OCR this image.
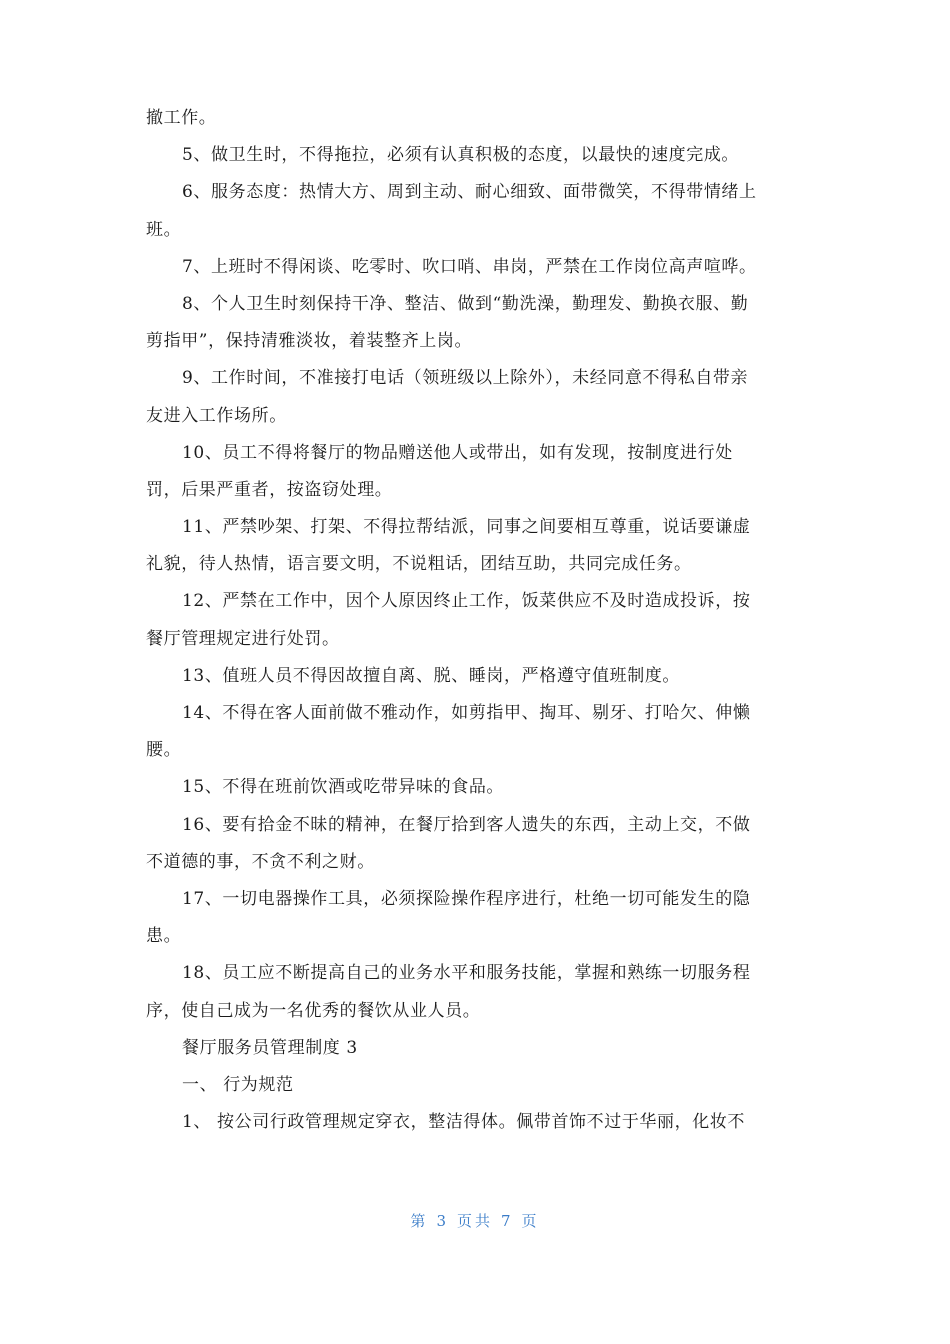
撤工作。

5、做卫生时，不得拖拉，必须有认真积极的态度，以最快的速度完成。

6、服务态度：热情大方、周到主动、耐心细致、面带微笑，不得带情绪上

班。

7、上班时不得闲谈、吃零时、吹口哨、串岗，严禁在工作岗位高声喧哗。

8、个人卫生时刻保持干净、整洁、做到“勤洗澡，勤理发、勤换衣服、勤

剪指甲”，保持清雅淡妆，着装整齐上岗。

9、工作时间，不准接打电话（领班级以上除外），未经同意不得私自带亲

友进入工作场所。

10、员工不得将餐厅的物品赠送他人或带出，如有发现，按制度进行处

罚，后果严重者，按盗窃处理。

11、严禁吵架、打架、不得拉帮结派，同事之间要相互尊重，说话要谦虚

礼貌，待人热情，语言要文明，不说粗话，团结互助，共同完成任务。

12、严禁在工作中，因个人原因终止工作，饭菜供应不及时造成投诉，按

餐厅管理规定进行处罚。

13、值班人员不得因故擅自离、脱、睡岗，严格遵守值班制度。

14、不得在客人面前做不雅动作，如剪指甲、掏耳、剔牙、打哈欠、伸懒

腰。

15、不得在班前饮酒或吃带异味的食品。

16、要有拾金不昧的精神，在餐厅拾到客人遗失的东西，主动上交，不做

不道德的事，不贪不利之财。

17、一切电器操作工具，必须探险操作程序进行，杜绝一切可能发生的隐

患。

18、员工应不断提高自己的业务水平和服务技能，掌握和熟练一切服务程

序，使自己成为一名优秀的餐饮从业人员。

餐厅服务员管理制度 3

一、 行为规范

1、 按公司行政管理规定穿衣，整洁得体。佩带首饰不过于华丽，化妆不

第 3 页共 7 页
